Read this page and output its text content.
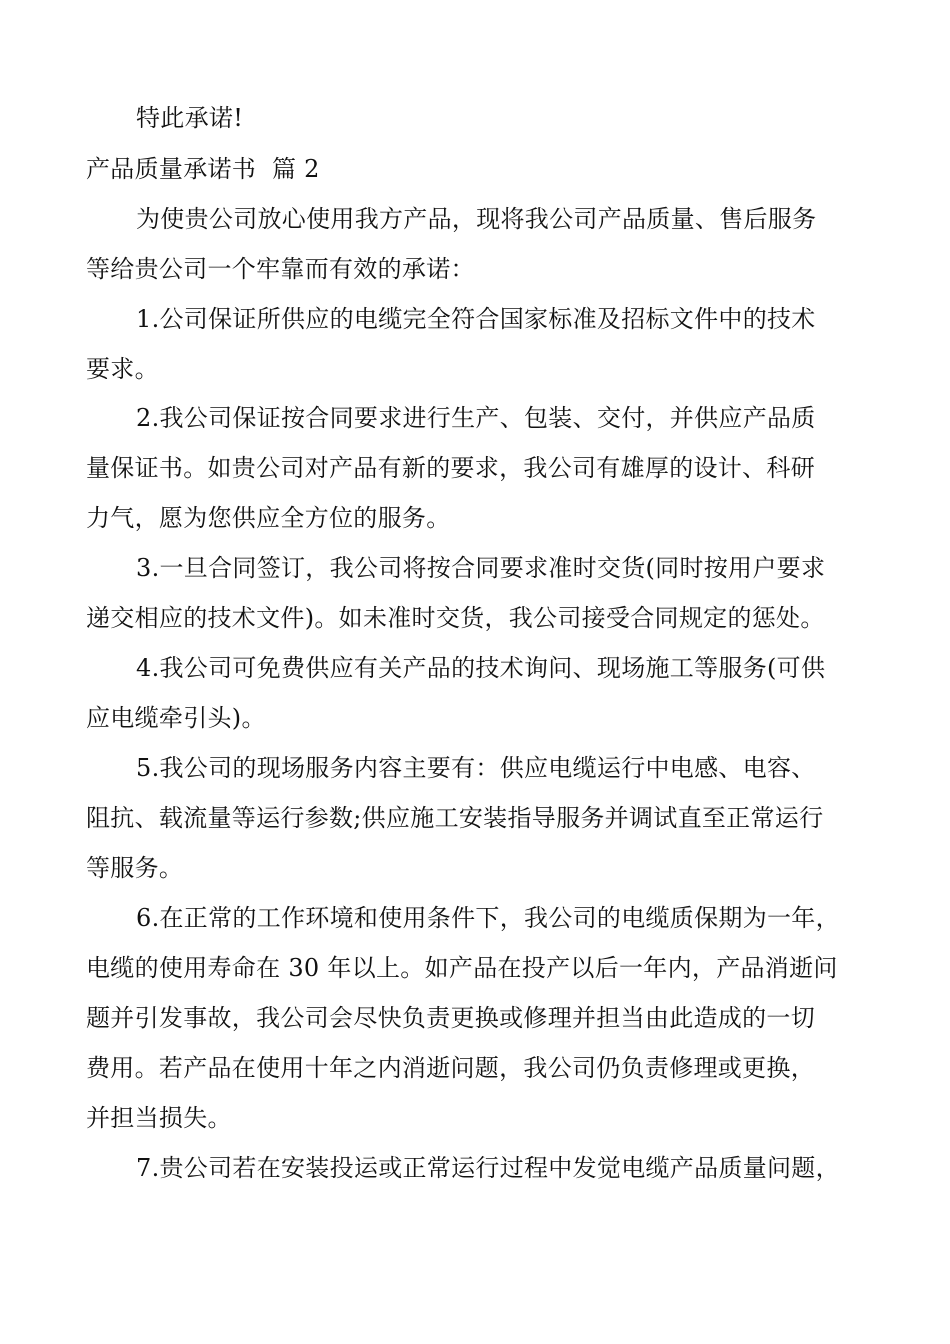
特此承诺!
产品质量承诺书  篇 2
为使贵公司放心使用我方产品，现将我公司产品质量、售后服务
等给贵公司一个牢靠而有效的承诺：
1.公司保证所供应的电缆完全符合国家标准及招标文件中的技术
要求。
2.我公司保证按合同要求进行生产、包装、交付，并供应产品质
量保证书。如贵公司对产品有新的要求，我公司有雄厚的设计、科研
力气，愿为您供应全方位的服务。
3.一旦合同签订，我公司将按合同要求准时交货(同时按用户要求
递交相应的技术文件)。如未准时交货，我公司接受合同规定的惩处。
4.我公司可免费供应有关产品的技术询问、现场施工等服务(可供
应电缆牵引头)。
5.我公司的现场服务内容主要有：供应电缆运行中电感、电容、
阻抗、载流量等运行参数;供应施工安装指导服务并调试直至正常运行
等服务。
6.在正常的工作环境和使用条件下，我公司的电缆质保期为一年，
电缆的使用寿命在 30 年以上。如产品在投产以后一年内，产品消逝问
题并引发事故，我公司会尽快负责更换或修理并担当由此造成的一切
费用。若产品在使用十年之内消逝问题，我公司仍负责修理或更换，
并担当损失。
7.贵公司若在安装投运或正常运行过程中发觉电缆产品质量问题，
